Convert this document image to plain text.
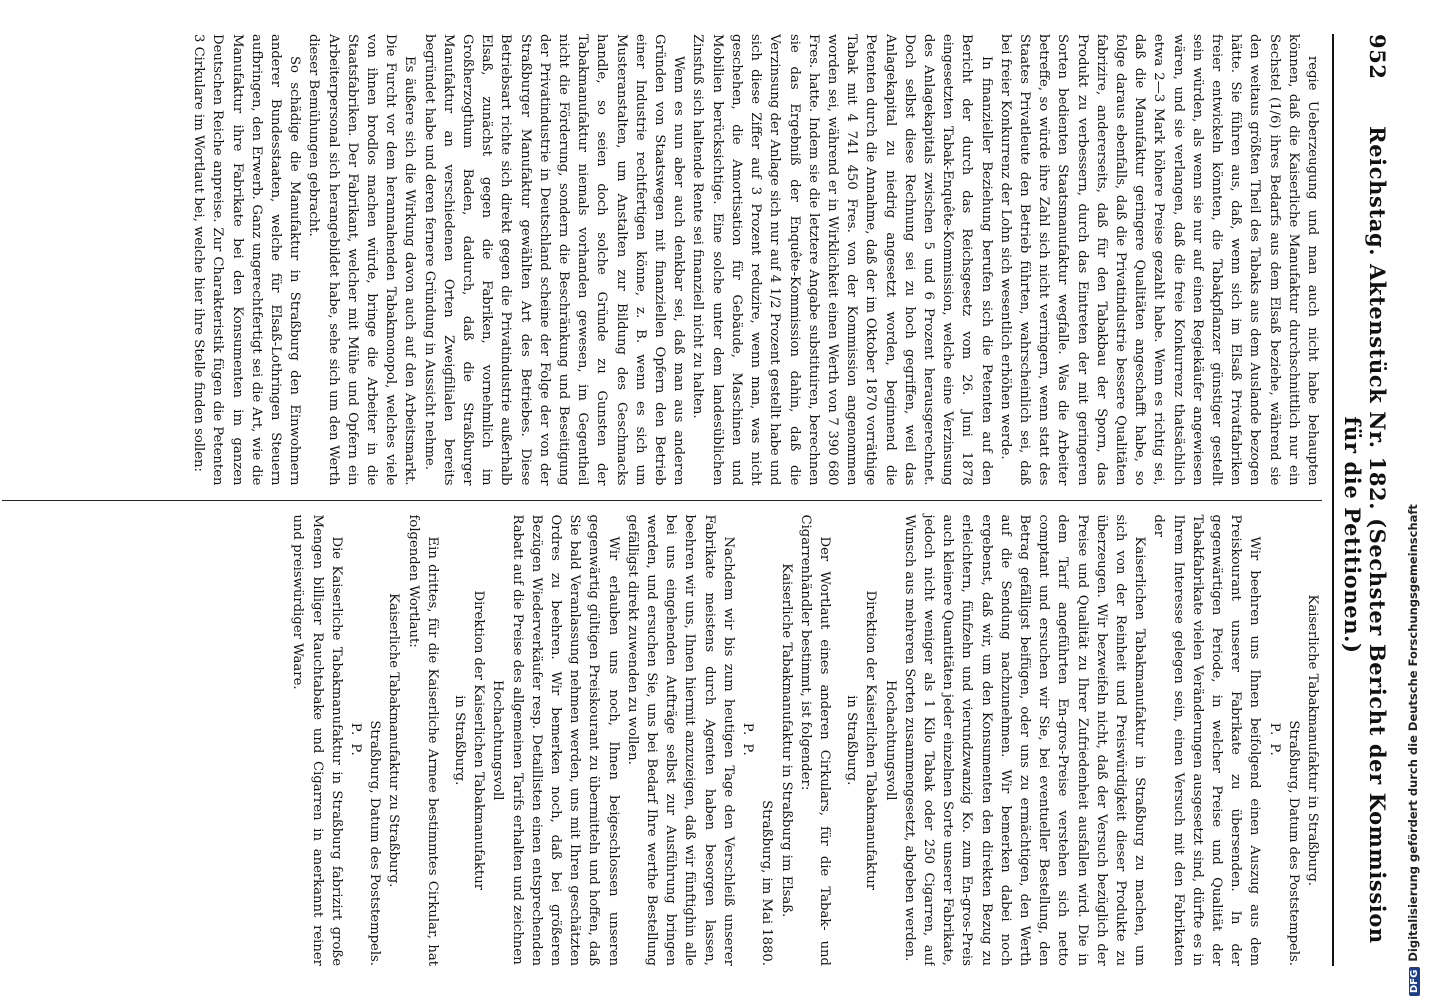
952
Reichstag. Aktenstück Nr. 182. (Sechster Bericht der Kommission für die Petitionen.)

regie Ueberzeugung und man auch nicht habe behaupten können, daß die Kaiserliche Manufaktur durchschnittlich nur ein Sechstel (1/6) ihres Bedarfs aus dem Elsaß beziehe, während sie den weitaus größten Theil des Tabaks aus dem Auslande bezogen hätte. Sie führen aus, daß, wenn sich im Elsaß Privatfabriken freier entwickeln könnten, die Tabakpflanzer günstiger gestellt sein würden, als wenn sie nur auf einen Regiekäufer angewiesen wären, und sie verlangen, daß die freie Konkurrenz thatsächlich etwa 2—3 Mark höhere Preise gezahlt habe. Wenn es richtig sei, daß die Manufaktur geringere Qualitäten angeschafft habe, so folge daraus ebenfalls, daß die Privatindustrie bessere Qualitäten fabrizire, andererseits, daß für den Tabakbau der Sporn, das Produkt zu verbessern, durch das Eintreten der mit geringeren Sorten bedienten Staatsmanufaktur wegfalle. Was die Arbeiter betreffe, so würde ihre Zahl sich nicht verringern, wenn statt des Staates Privatleute den Betrieb führten, wahrscheinlich sei, daß bei freier Konkurrenz der Lohn sich wesentlich erhöhen werde.

In finanzieller Beziehung berufen sich die Petenten auf den Bericht der durch das Reichsgesetz vom 26. Juni 1878 eingesetzten Tabak-Enquête-Kommission, welche eine Verzinsung des Anlagekapitals zwischen 5 und 6 Prozent herausgerechnet. Doch selbst diese Rechnung sei zu hoch gegriffen, weil das Anlagekapital zu niedrig angesetzt worden, beginnend die Petenten durch die Annahme, daß der im Oktober 1870 vorräthige Tabak mit 4 741 450 Fres. von der Kommission angenommen worden sei, während er in Wirklichkeit einen Werth von 7 390 680 Fres. hatte. Indem sie die letztere Angabe substituiren, berechnen sie das Ergebniß der Enquête-Kommission dahin, daß die Verzinsung der Anlage sich nur auf 4 1/2 Prozent gestellt habe und sich diese Ziffer auf 3 Prozent reduzire, wenn man, was nicht geschehen, die Amortisation für Gebäude, Maschinen und Mobilien berücksichtige. Eine solche unter dem landesüblichen Zinsfuß sich haltende Rente sei finanziell nicht zu halten.

Wenn es nun aber auch denkbar sei, daß man aus anderen Gründen von Staatswegen mit finanziellen Opfern den Betrieb einer Industrie rechtfertigen könne, z. B. wenn es sich um Musteranstalten, um Anstalten zur Bildung des Geschmacks handle, so seien doch solche Gründe zu Gunsten der Tabakmanufaktur niemals vorhanden gewesen, im Gegentheil nicht die Förderung, sondern die Beschränkung und Beseitigung der Privatindustrie in Deutschland scheine der Folge der von der Straßburger Manufaktur gewählten Art des Betriebes. Diese Betriebsart richte sich direkt gegen die Privatindustrie außerhalb Elsaß, zunächst gegen die Fabriken, vornehmlich im Großherzogthum Baden, dadurch, daß die Straßburger Manufaktur an verschiedenen Orten Zweigfilialen bereits begründet habe und deren fernere Gründung in Aussicht nehme.

Es äußere sich die Wirkung davon auch auf den Arbeitsmarkt. Die Furcht vor dem herannahenden Tabakmonopol, welches viele von ihnen brodlos machen würde, bringe die Arbeiter in die Staatsfabriken. Der Fabrikant, welcher mit Mühe und Opfern ein Arbeiterpersonal sich herangebildet habe, sehe sich um den Werth dieser Bemühungen gebracht.

So schädige die Manufaktur in Straßburg den Einwohnern anderer Bundesstaaten, welche für Elsaß-Lothringen Steuern aufbringen, den Erwerb. Ganz ungerechtfertigt sei die Art, wie die Manufaktur ihre Fabrikate bei den Konsumenten im ganzen Deutschen Reiche anpreise. Zur Charakteristik fügen die Petenten 3 Cirkulare im Wortlaut bei, welche hier ihre Stelle finden sollen:

Kaiserliche Tabakmanufaktur in Straßburg.

Straßburg, Datum des Poststempels.

P. P.

Wir beehren uns Ihnen beifolgend einen Auszug aus dem Preiskourant unserer Fabrikate zu übersenden. In der gegenwärtigen Periode, in welcher Preise und Qualität der Tabakfabrikate vielen Veränderungen ausgesetzt sind, dürfte es in Ihrem Interesse gelegen sein, einen Versuch mit den Fabrikaten der

Kaiserlichen Tabakmanufaktur in Straßburg zu machen, um sich von der Reinheit und Preiswürdigkeit dieser Produkte zu überzeugen. Wir bezweifeln nicht, daß der Versuch bezüglich der Preise und Qualität zu Ihrer Zufriedenheit ausfallen wird. Die in dem Tarif angeführten En-gros-Preise verstehen sich netto comptant und ersuchen wir Sie, bei eventueller Bestellung, den Betrag gefälligst beifügen, oder uns zu ermächtigen, den Werth auf die Sendung nachzunehmen. Wir bemerken dabei noch ergebenst, daß wir, um den Konsumenten den direkten Bezug zu erleichtern, fünfzehn und vierundzwanzig Ko. zum En-gros-Preis auch kleinere Quantitäten jeder einzelnen Sorte unserer Fabrikate, jedoch nicht weniger als 1 Kilo Tabak oder 250 Cigarren, auf Wunsch aus mehreren Sorten zusammengesetzt, abgeben werden.

Hochachtungsvoll

Direktion der Kaiserlichen Tabakmanufaktur

in Straßburg.

Der Wortlaut eines anderen Cirkulars, für die Tabak- und Cigarrenhändler bestimmt, ist folgender:

Kaiserliche Tabakmanufaktur in Straßburg im Elsaß.

Straßburg, im Mai 1880.

P. P.

Nachdem wir bis zum heutigen Tage den Verschleiß unserer Fabrikate meistens durch Agenten haben besorgen lassen, beehren wir uns, Ihnen hiermit anzuzeigen, daß wir fünftighin alle bei uns eingehenden Aufträge selbst zur Ausführung bringen werden, und ersuchen Sie, uns bei Bedarf Ihre werthe Bestellung gefälligst direkt zuwenden zu wollen.

Wir erlauben uns noch, Ihnen beigeschlossen unseren gegenwärtig gültigen Preiskourant zu übermitteln und hoffen, daß Sie bald Veranlassung nehmen werden, uns mit Ihren geschätzten Ordres zu beehren. Wir bemerken noch, daß bei größeren Bezügen Wiederverkäufer resp. Detaillisten einen entsprechenden Rabatt auf die Preise des allgemeinen Tarifs erhalten und zeichnen

Hochachtungsvoll

Direktion der Kaiserlichen Tabakmanufaktur

in Straßburg.

Ein drittes, für die Kaiserliche Armee bestimmtes Cirkular, hat folgenden Wortlaut:

Kaiserliche Tabakmanufaktur zu Straßburg.

Straßburg, Datum des Poststempels.

P. P.

Die Kaiserliche Tabakmanufaktur in Straßburg fabrizirt große Mengen billiger Rauchtabake und Cigarren in anerkannt reiner und preiswürdiger Waare.

DFGDigitalisierung gefördert durch die Deutsche Forschungsgemeinschaft
